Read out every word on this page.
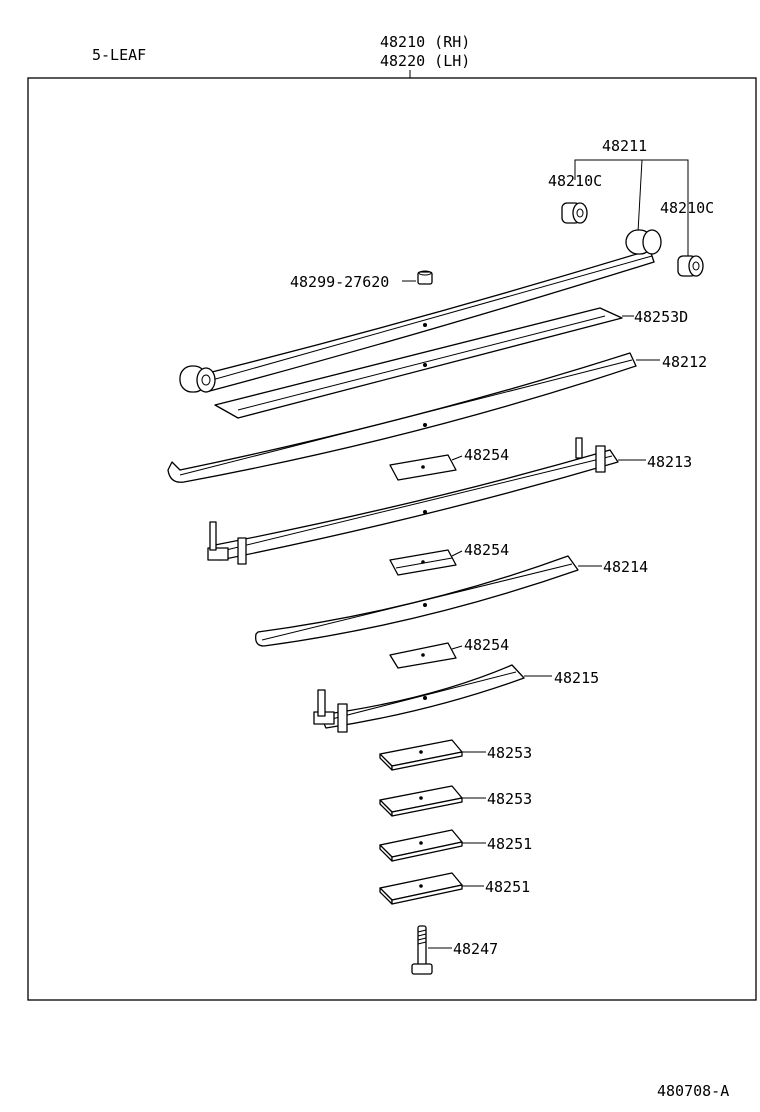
5-LEAF
48210 (RH)
48220 (LH)
48211
48210C
48210C
48299-27620
48253D
48212
48254	48213
48254
48214
48254
48215
48253
48253
48251
48251
48247
480708-A
